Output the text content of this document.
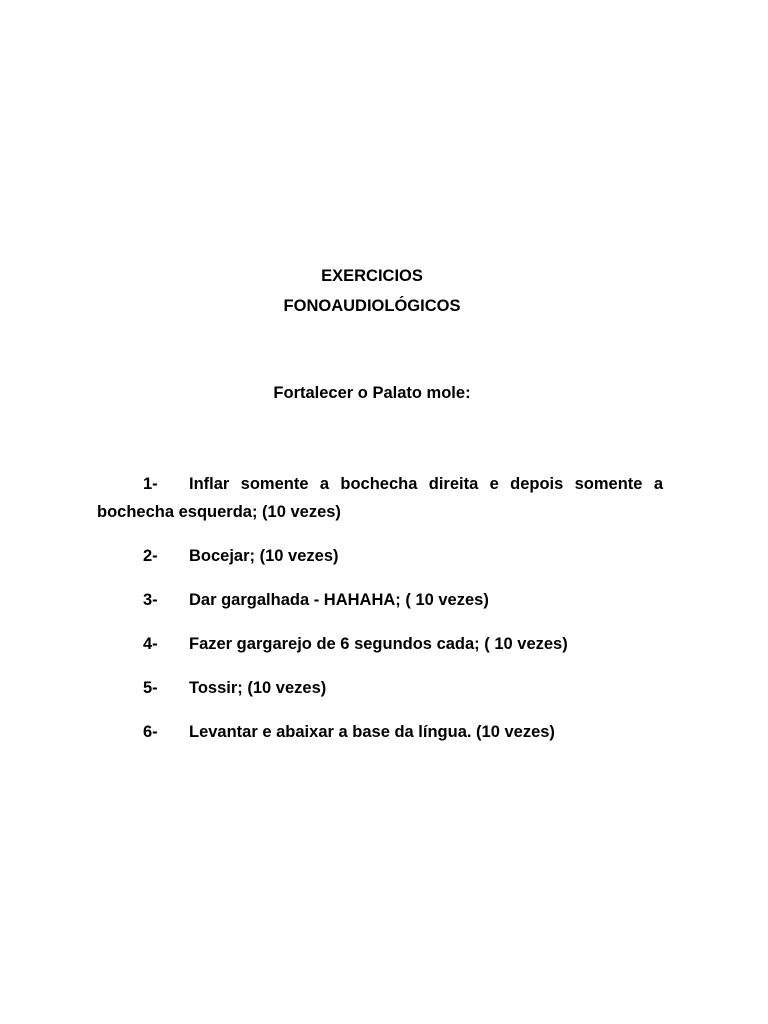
EXERCICIOS

FONOAUDIOLÓGICOS

Fortalecer o Palato mole:

1- Inflar somente a bochecha direita e depois somente a bochecha esquerda; (10 vezes)
2- Bocejar; (10 vezes)
3- Dar gargalhada - HAHAHA; ( 10 vezes)
4- Fazer gargarejo de 6 segundos cada; ( 10 vezes)
5- Tossir; (10 vezes)
6- Levantar e abaixar a base da língua. (10 vezes)
